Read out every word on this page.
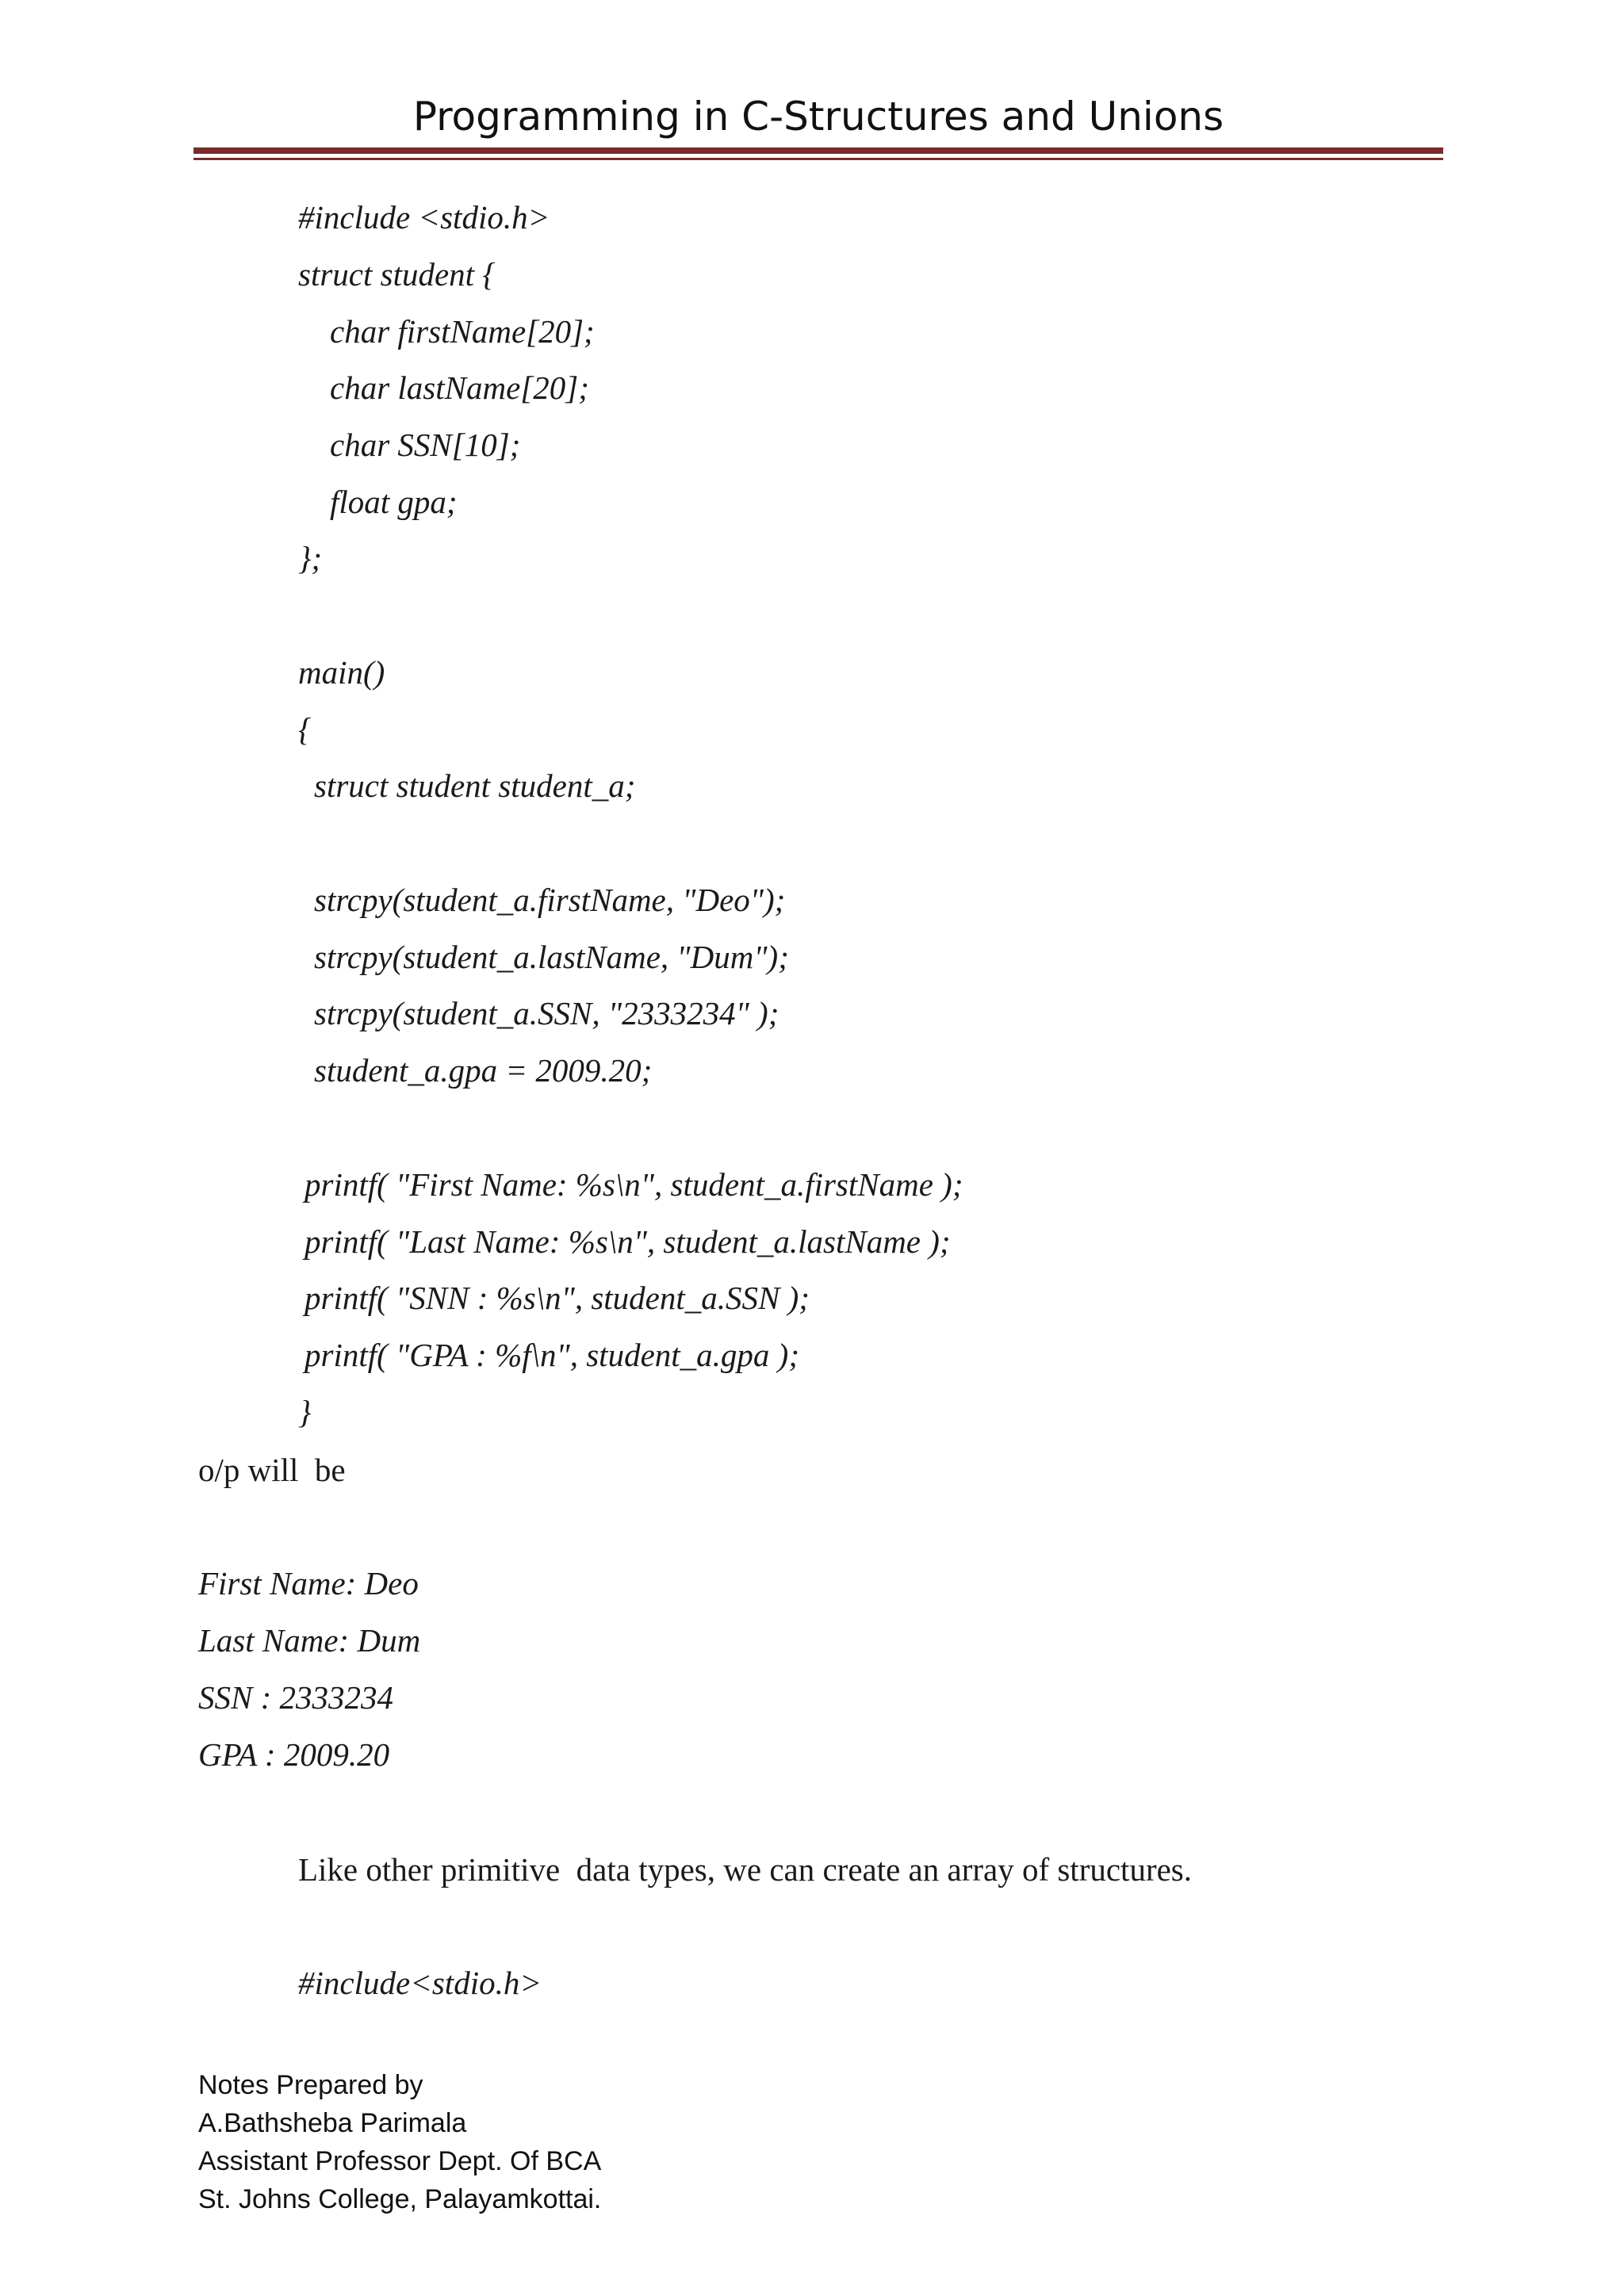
Programming in C-Structures and Unions
#include <stdio.h>
struct student {
char firstName[20];
char lastName[20];
char SSN[10];
float gpa;
};
main()
{
struct student student_a;
strcpy(student_a.firstName, "Deo");
strcpy(student_a.lastName, "Dum");
strcpy(student_a.SSN, "2333234" );
student_a.gpa = 2009.20;
printf( "First Name: %s\n", student_a.firstName );
printf( "Last Name: %s\n", student_a.lastName );
printf( "SNN : %s\n", student_a.SSN );
printf( "GPA : %f\n", student_a.gpa );
}
o/p will  be
First Name: Deo
Last Name: Dum
SSN : 2333234
GPA : 2009.20
Like other primitive  data types, we can create an array of structures.
#include<stdio.h>
Notes Prepared by
A.Bathsheba Parimala
Assistant Professor Dept. Of BCA
St. Johns College, Palayamkottai.
